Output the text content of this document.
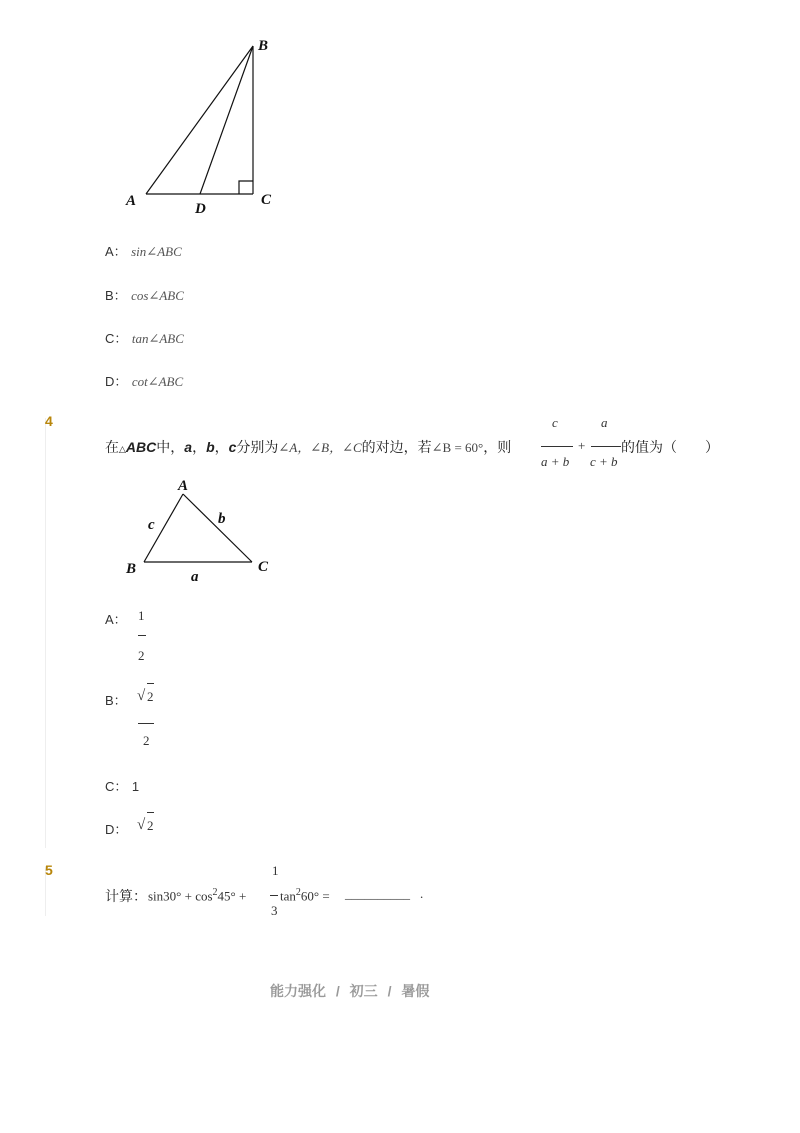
B
A	D
C
A： sin∠ABC
B： cos∠ABC
C： tan∠ABC
D： cot∠ABC
4
在△ABC中，a，b，c分别为∠A，∠B，∠C的对边，若∠B = 60°，则
c
a + b
+
a
c + b
的值为（　　）
A
B	C
c	b
a
A： 1
2
B： √ 2
2
C： 1
D： √ 2
5
计算： $\sin 30^\circ + \cos^245^\circ$ +
1
3
$\tan^260^\circ$ = __________ .
能力强化 / 初三 / 暑假
